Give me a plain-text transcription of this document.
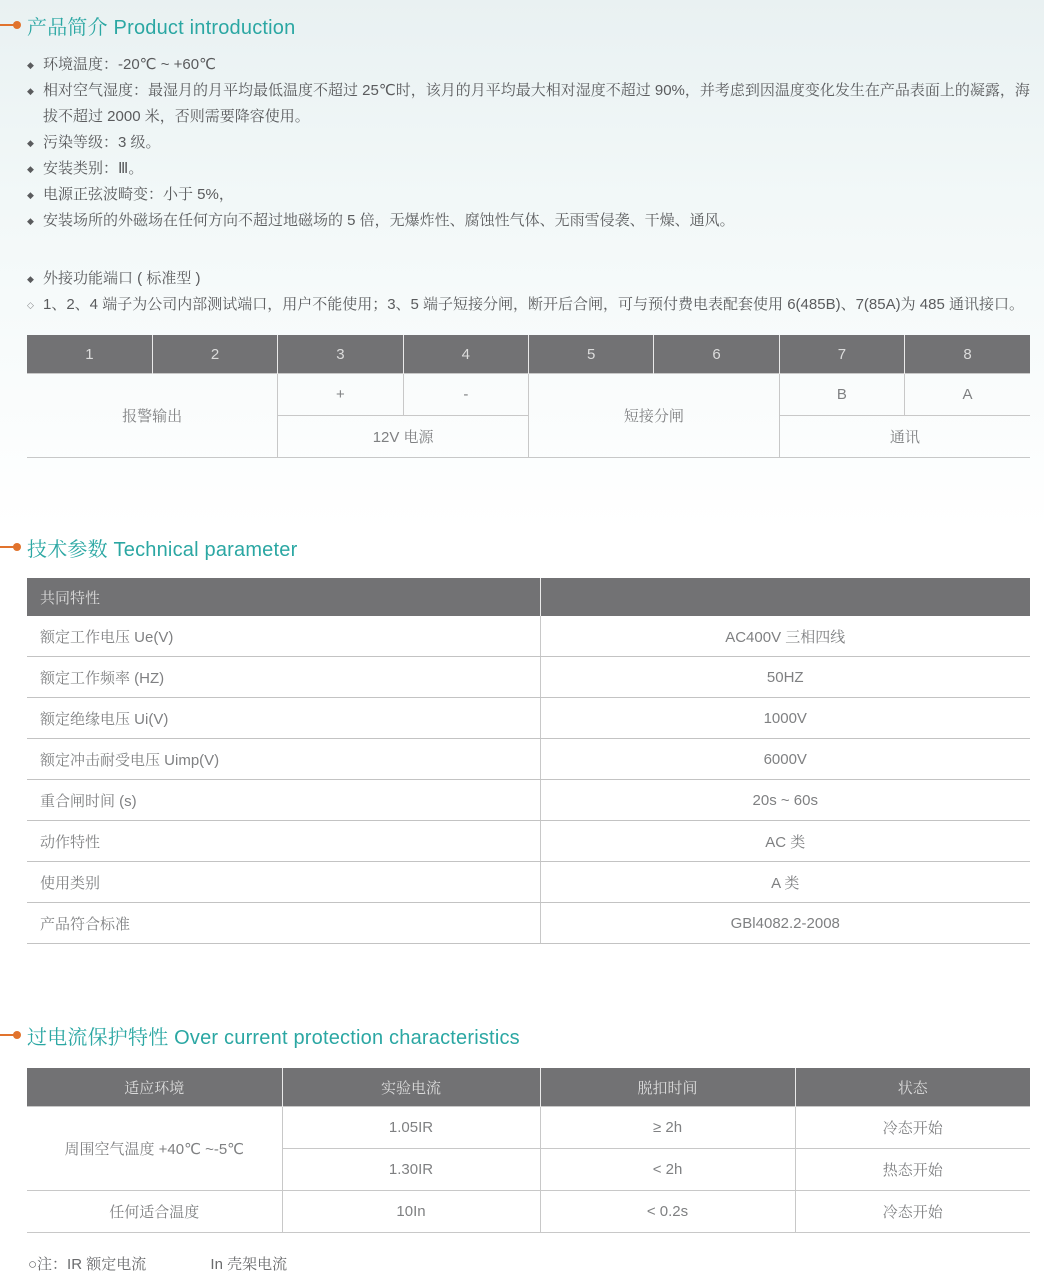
产品简介 Product introduction
◆ 环境温度：-20℃ ~ +60℃
◆ 相对空气湿度：最湿月的月平均最低温度不超过 25℃时，该月的月平均最大相对湿度不超过 90%，并考虑到因温度变化发生在产品表面上的凝露，海拔不超过 2000 米，否则需要降容使用。
◆ 污染等级：3 级。
◆ 安装类别：Ⅲ。
◆ 电源正弦波畸变：小于 5%，
◆ 安装场所的外磁场在任何方向不超过地磁场的 5 倍，无爆炸性、腐蚀性气体、无雨雪侵袭、干燥、通风。
◆ 外接功能端口 ( 标准型 )
◇ 1、2、4 端子为公司内部测试端口，用户不能使用；3、5 端子短接分闸，断开后合闸，可与预付费电表配套使用 6(485B)、7(85A)为 485 通讯接口。
1	2	3	4	5	6	7	8
报警输出		+	-	短接分闸		B	A
		12V 电源				通讯	
技术参数 Technical parameter
共同特性	
额定工作电压 Ue(V)	AC400V 三相四线
额定工作频率 (HZ)	50HZ
额定绝缘电压 Ui(V)	1000V
额定冲击耐受电压 Uimp(V)	6000V
重合闸时间 (s)	20s ~ 60s
动作特性	AC 类
使用类别	A 类
产品符合标准	GBl4082.2-2008
过电流保护特性 Over current protection characteristics
适应环境	实验电流	脱扣时间	状态
周围空气温度 +40℃ ~-5℃	1.05IR	≥ 2h	冷态开始
	1.30IR	< 2h	热态开始
任何适合温度	10In	< 0.2s	冷态开始
○注：IR 额定电流	In 壳架电流
